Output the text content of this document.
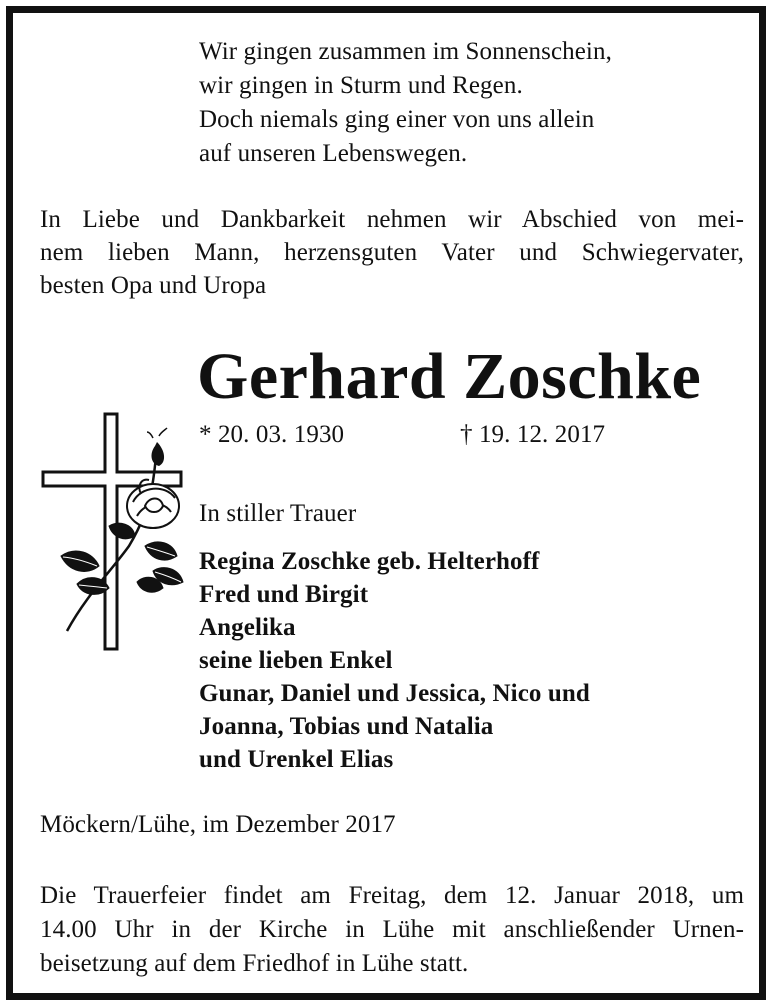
Wir gingen zusammen im Sonnenschein,
wir gingen in Sturm und Regen.
Doch niemals ging einer von uns allein
auf unseren Lebenswegen.
In Liebe und Dankbarkeit nehmen wir Abschied von mei-
nem lieben Mann, herzensguten Vater und Schwiegervater,
besten Opa und Uropa
Gerhard Zoschke
* 20. 03. 1930	† 19. 12. 2017
In stiller Trauer
Regina Zoschke geb. Helterhoff
Fred und Birgit
Angelika
seine lieben Enkel
Gunar, Daniel und Jessica, Nico und
Joanna, Tobias und Natalia
und Urenkel Elias
Möckern/Lühe, im Dezember 2017
Die Trauerfeier findet am Freitag, dem 12. Januar 2018, um
14.00 Uhr in der Kirche in Lühe mit anschließender Urnen-
beisetzung auf dem Friedhof in Lühe statt.
